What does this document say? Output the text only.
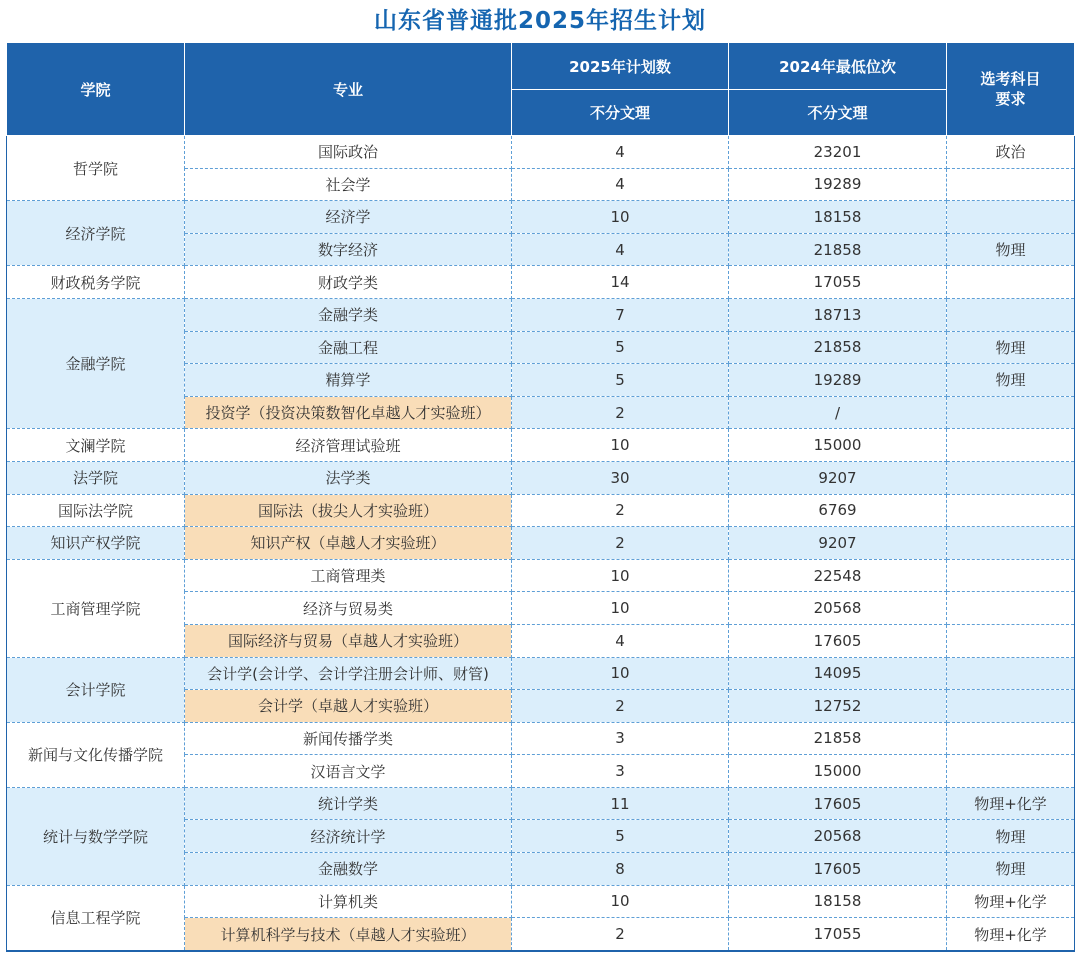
山东省普通批2025年招生计划
学院	专业	2025年计划数	2024年最低位次	选考科目要求

		不分文理	不分文理	
哲学院	国际政治	4	23201	政治
	社会学	4	19289	
经济学院	经济学	10	18158	
	数字经济	4	21858	物理
财政税务学院	财政学类	14	17055	
金融学院	金融学类	7	18713	
	金融工程	5	21858	物理
	精算学	5	19289	物理
	投资学（投资决策数智化卓越人才实验班）	2	/	
文澜学院	经济管理试验班	10	15000	
法学院	法学类	30	9207	
国际法学院	国际法（拔尖人才实验班）	2	6769	
知识产权学院	知识产权（卓越人才实验班）	2	9207	
工商管理学院	工商管理类	10	22548	
	经济与贸易类	10	20568	
	国际经济与贸易（卓越人才实验班）	4	17605	
会计学院	会计学(会计学、会计学注册会计师、财管)	10	14095	
	会计学（卓越人才实验班）	2	12752	
新闻与文化传播学院	新闻传播学类	3	21858	
	汉语言文学	3	15000	
统计与数学学院	统计学类	11	17605	物理+化学
	经济统计学	5	20568	物理
	金融数学	8	17605	物理
信息工程学院	计算机类	10	18158	物理+化学
	计算机科学与技术（卓越人才实验班）	2	17055	物理+化学
